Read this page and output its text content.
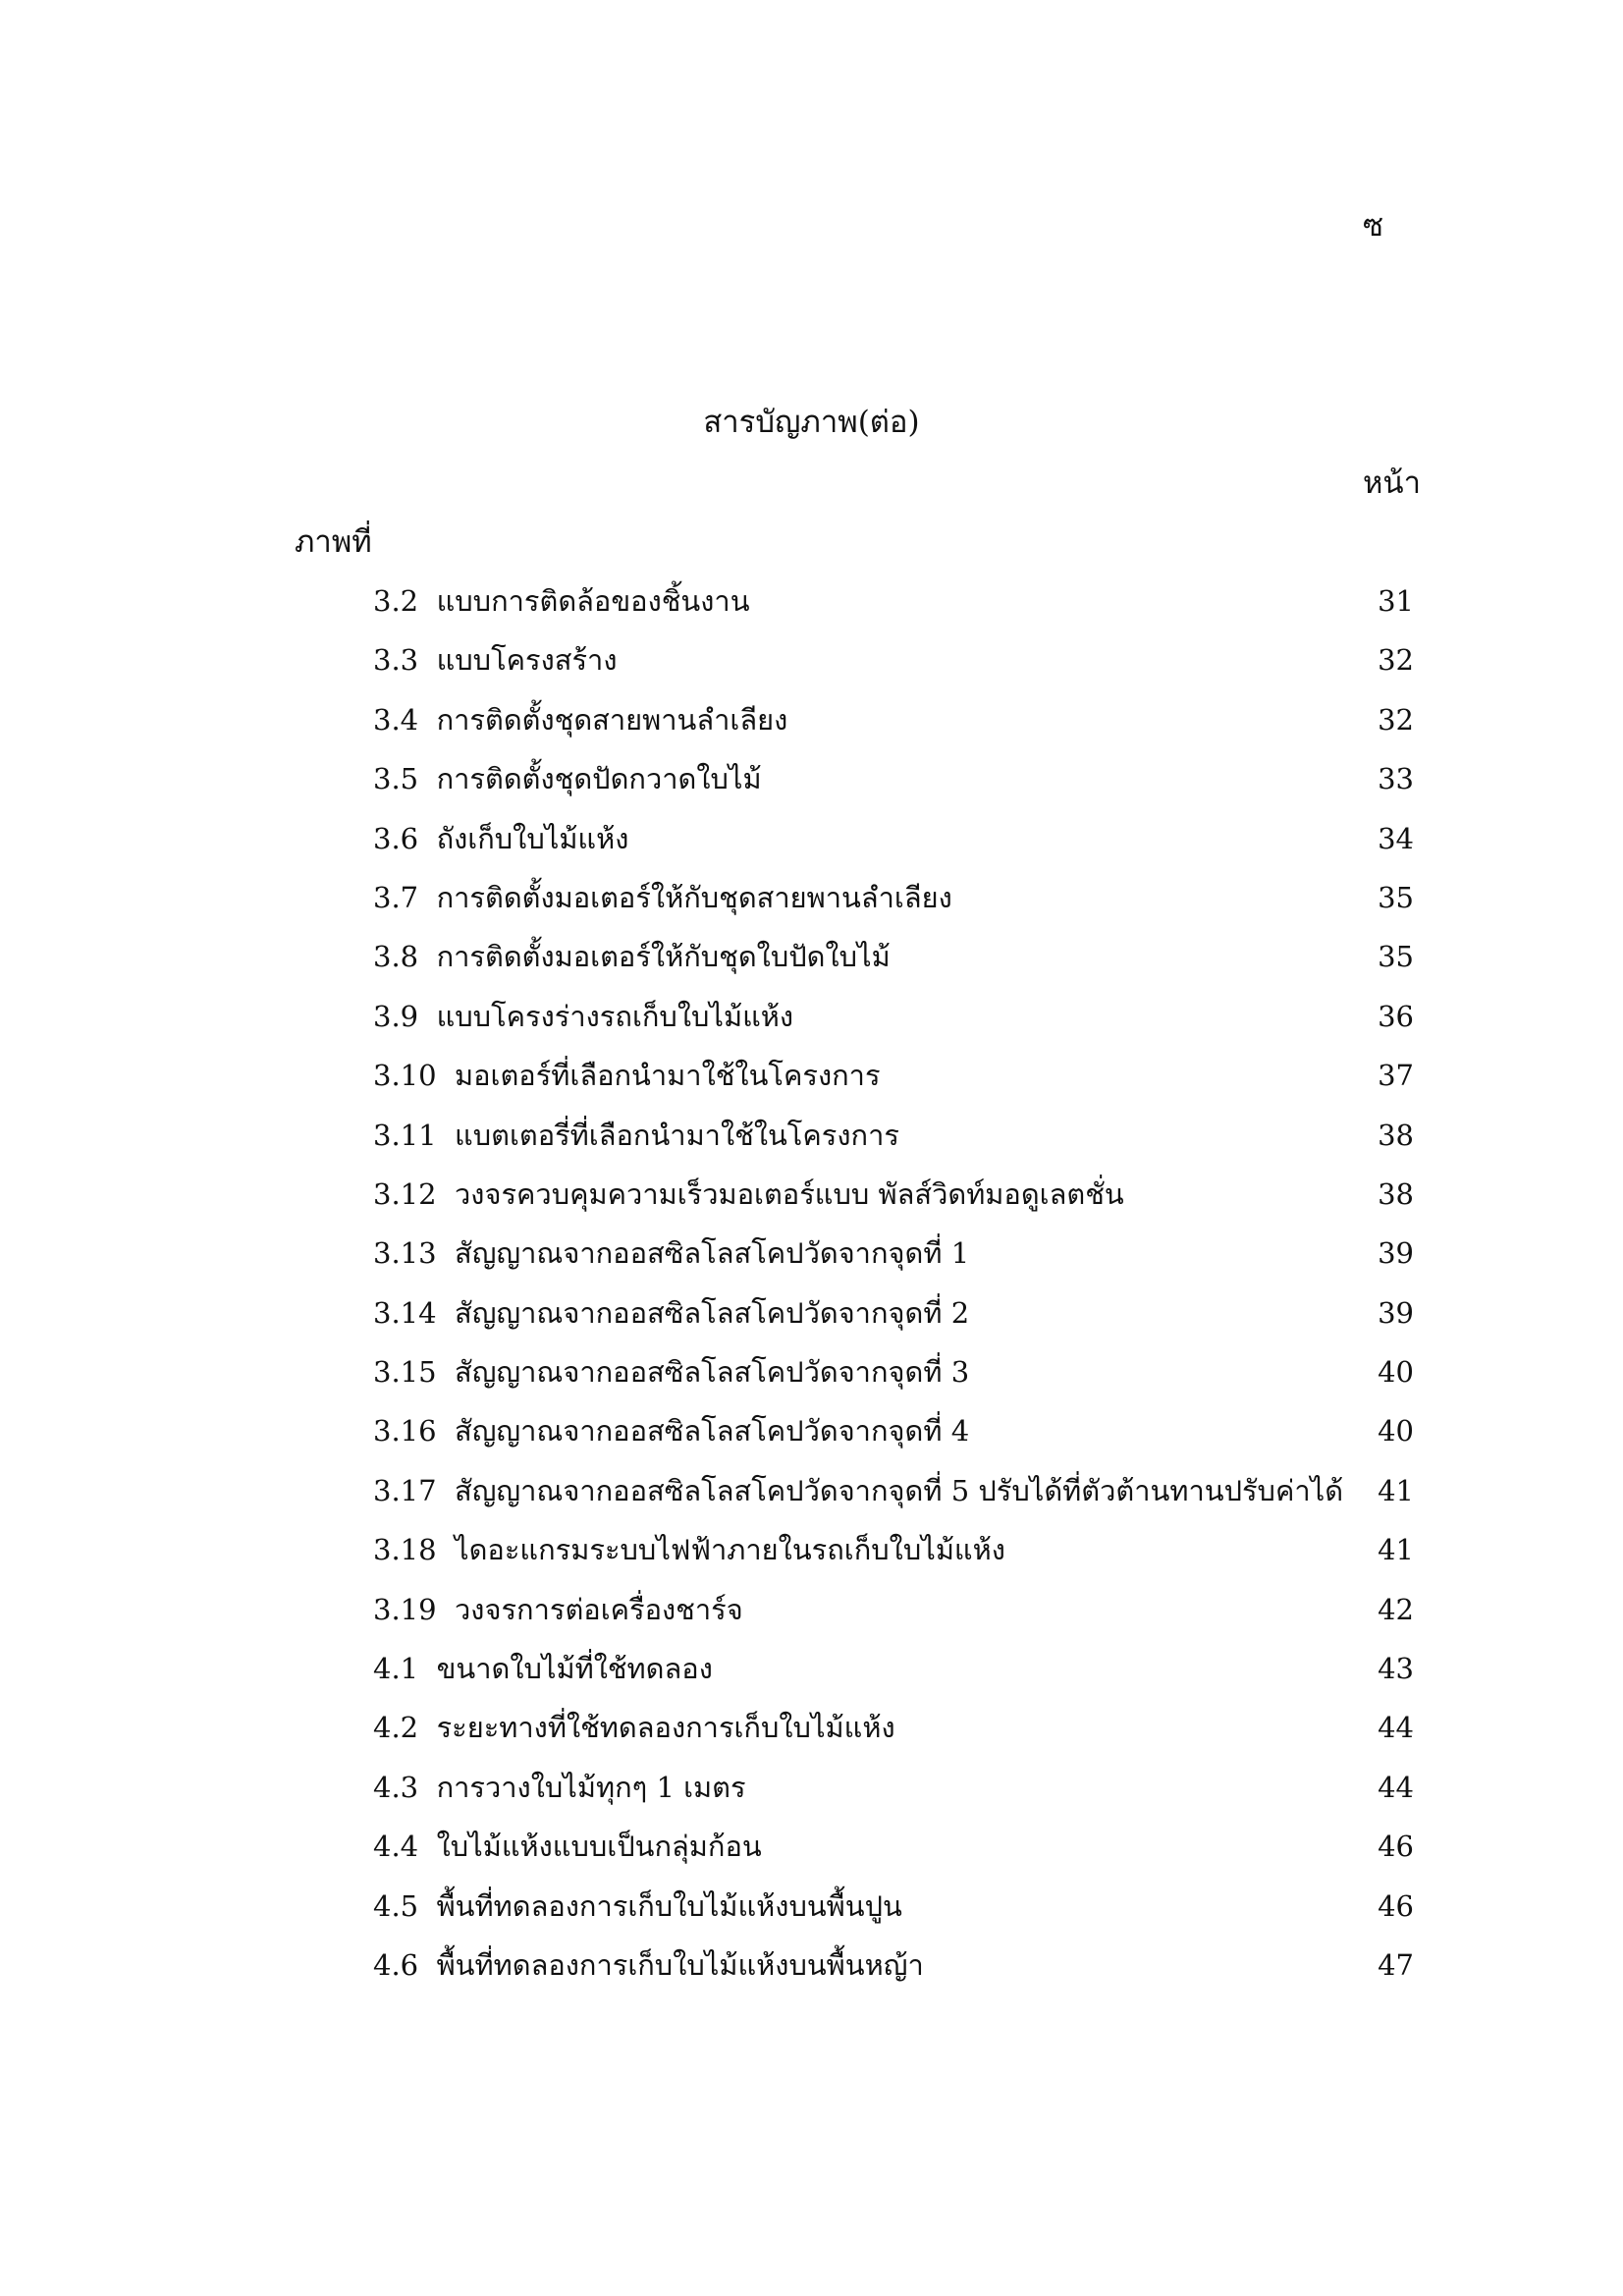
ซ
สารบัญภาพ(ต่อ)
หน้า
ภาพที่
3.2  แบบการติดล้อของชิ้นงาน	31
3.3  แบบโครงสร้าง	32
3.4  การติดตั้งชุดสายพานลำเลียง	32
3.5  การติดตั้งชุดปัดกวาดใบไม้	33
3.6  ถังเก็บใบไม้แห้ง	34
3.7  การติดตั้งมอเตอร์ให้กับชุดสายพานลำเลียง	35
3.8  การติดตั้งมอเตอร์ให้กับชุดใบปัดใบไม้	35
3.9  แบบโครงร่างรถเก็บใบไม้แห้ง	36
3.10  มอเตอร์ที่เลือกนำมาใช้ในโครงการ	37
3.11  แบตเตอรี่ที่เลือกนำมาใช้ในโครงการ	38
3.12  วงจรควบคุมความเร็วมอเตอร์แบบ พัลส์วิดท์มอดูเลตชั่น	38
3.13  สัญญาณจากออสซิลโลสโคปวัดจากจุดที่ 1	39
3.14  สัญญาณจากออสซิลโลสโคปวัดจากจุดที่ 2	39
3.15  สัญญาณจากออสซิลโลสโคปวัดจากจุดที่ 3	40
3.16  สัญญาณจากออสซิลโลสโคปวัดจากจุดที่ 4	40
3.17  สัญญาณจากออสซิลโลสโคปวัดจากจุดที่ 5 ปรับได้ที่ตัวต้านทานปรับค่าได้	41
3.18  ไดอะแกรมระบบไฟฟ้าภายในรถเก็บใบไม้แห้ง	41
3.19  วงจรการต่อเครื่องชาร์จ	42
4.1  ขนาดใบไม้ที่ใช้ทดลอง	43
4.2  ระยะทางที่ใช้ทดลองการเก็บใบไม้แห้ง	44
4.3  การวางใบไม้ทุกๆ 1 เมตร	44
4.4  ใบไม้แห้งแบบเป็นกลุ่มก้อน	46
4.5  พื้นที่ทดลองการเก็บใบไม้แห้งบนพื้นปูน	46
4.6  พื้นที่ทดลองการเก็บใบไม้แห้งบนพื้นหญ้า	47
